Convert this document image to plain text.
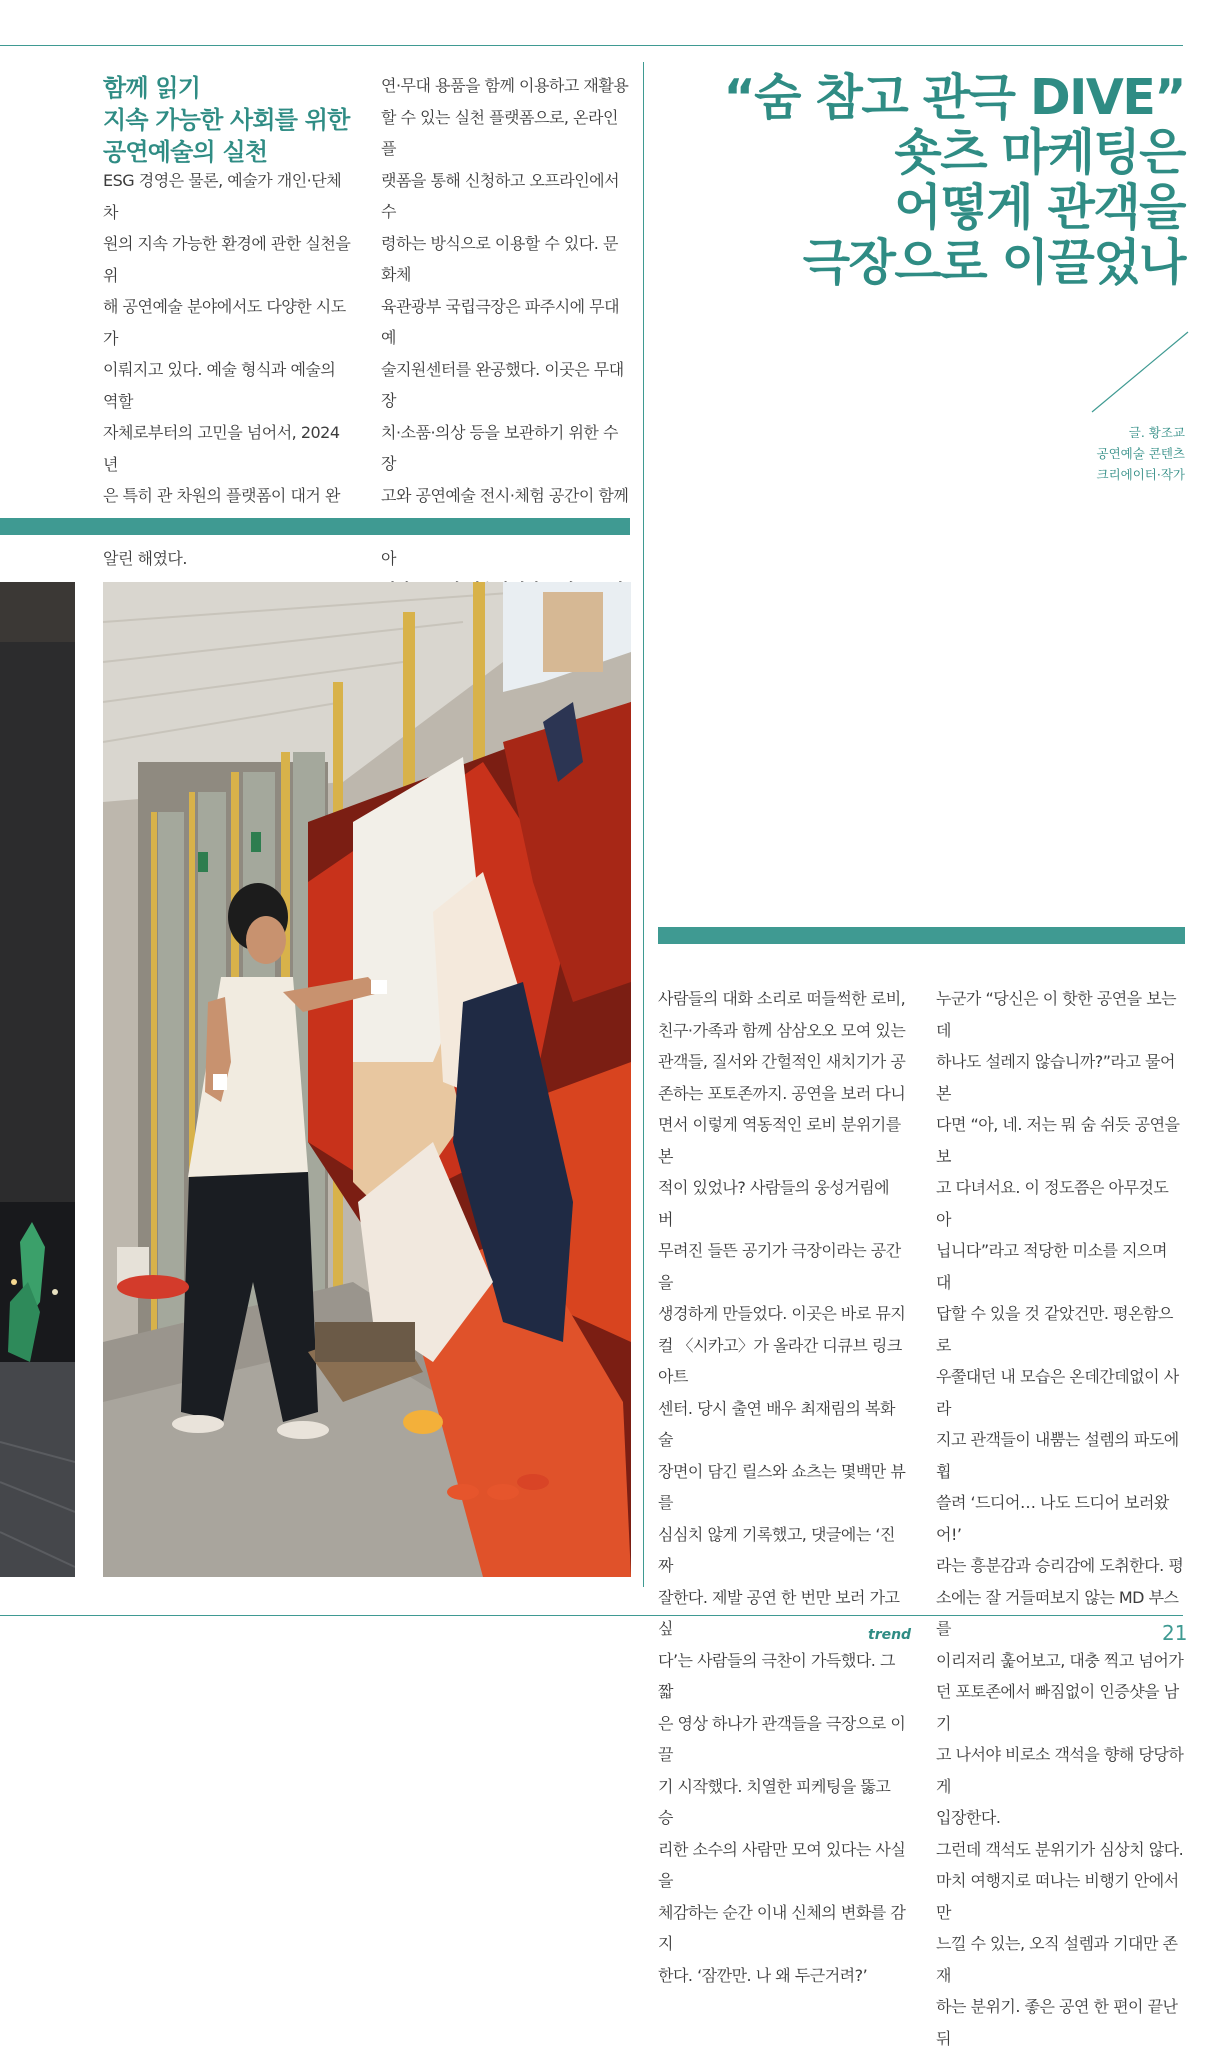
함께 읽기
지속 가능한 사회를 위한
공연예술의 실천

ESG 경영은 물론, 예술가 개인·단체 차

원의 지속 가능한 환경에 관한 실천을 위

해 공연예술 분야에서도 다양한 시도가

이뤄지고 있다. 예술 형식과 예술의 역할

자체로부터의 고민을 넘어서, 2024년

은 특히 관 차원의 플랫폼이 대거 완

알린 해였다.

연·무대 용품을 함께 이용하고 재활용

할 수 있는 실천 플랫폼으로, 온라인 플

랫폼을 통해 신청하고 오프라인에서 수

령하는 방식으로 이용할 수 있다. 문화체

육관광부 국립극장은 파주시에 무대예

술지원센터를 완공했다. 이곳은 무대 장

치·소품·의상 등을 보관하기 위한 수장

고와 공연예술 전시·체험 공간이 함께

아

“숨 참고 관극 DIVE”
숏츠 마케팅은
어떻게 관객을
극장으로 이끌었나
글. 황조교
공연예술 콘텐츠
크리에이터·작가

사람들의 대화 소리로 떠들썩한 로비,

친구·가족과 함께 삼삼오오 모여 있는

관객들, 질서와 간헐적인 새치기가 공

존하는 포토존까지. 공연을 보러 다니

면서 이렇게 역동적인 로비 분위기를 본

적이 있었나? 사람들의 웅성거림에 버

무려진 들뜬 공기가 극장이라는 공간을

생경하게 만들었다. 이곳은 바로 뮤지

컬 〈시카고〉가 올라간 디큐브 링크아트

센터. 당시 출연 배우 최재림의 복화술

장면이 담긴 릴스와 쇼츠는 몇백만 뷰를

심심치 않게 기록했고, 댓글에는 ‘진짜

잘한다. 제발 공연 한 번만 보러 가고 싶

다’는 사람들의 극찬이 가득했다. 그 짧

은 영상 하나가 관객들을 극장으로 이끌

기 시작했다. 치열한 피케팅을 뚫고 승

리한 소수의 사람만 모여 있다는 사실을

체감하는 순간 이내 신체의 변화를 감지

한다. ‘잠깐만. 나 왜 두근거려?’

누군가 “당신은 이 핫한 공연을 보는데

하나도 설레지 않습니까?”라고 물어본

다면 “아, 네. 저는 뭐 숨 쉬듯 공연을 보

고 다녀서요. 이 정도쯤은 아무것도 아

닙니다”라고 적당한 미소를 지으며 대

답할 수 있을 것 같았건만. 평온함으로

우쭐대던 내 모습은 온데간데없이 사라

지고 관객들이 내뿜는 설렘의 파도에 휩

쓸려 ‘드디어… 나도 드디어 보러왔어!’

라는 흥분감과 승리감에 도취한다. 평

소에는 잘 거들떠보지 않는 MD 부스를

이리저리 훑어보고, 대충 찍고 넘어가

던 포토존에서 빠짐없이 인증샷을 남기

고 나서야 비로소 객석을 향해 당당하게

입장한다.

그런데 객석도 분위기가 심상치 않다.

마치 여행지로 떠나는 비행기 안에서만

느낄 수 있는, 오직 설렘과 기대만 존재

하는 분위기. 좋은 공연 한 편이 끝난 뒤

trend	21
